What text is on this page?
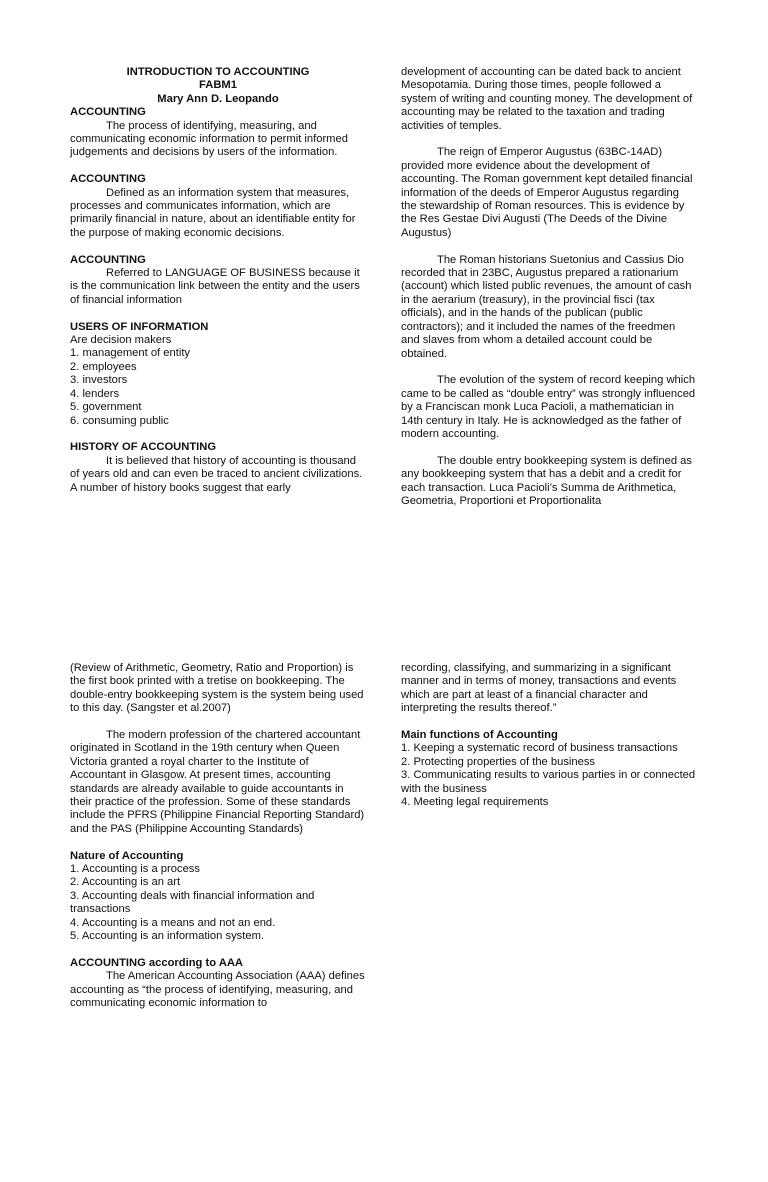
INTRODUCTION TO ACCOUNTING

FABM1

Mary Ann D. Leopando

ACCOUNTING

The process of identifying, measuring, and communicating economic information to permit informed judgements and decisions by users of the information.

ACCOUNTING

Defined as an information system that measures, processes and communicates information, which are primarily financial in nature, about an identifiable entity for the purpose of making economic decisions.

ACCOUNTING

Referred to LANGUAGE OF BUSINESS because it is the communication link between the entity and the users of financial information

USERS OF INFORMATION

Are decision makers

1. management of entity
2. employees
3. investors
4. lenders
5. government
6. consuming public

HISTORY OF ACCOUNTING

It is believed that history of accounting is thousand of years old and can even be traced to ancient civilizations. A number of history books suggest that early

development of accounting can be dated back to ancient Mesopotamia. During those times, people followed a system of writing and counting money. The development of accounting may be related to the taxation and trading activities of temples.

The reign of Emperor Augustus (63BC-14AD) provided more evidence about the development of accounting. The Roman government kept detailed financial information of the deeds of Emperor Augustus regarding the stewardship of Roman resources. This is evidence by the Res Gestae Divi Augusti (The Deeds of the Divine Augustus)

The Roman historians Suetonius and Cassius Dio recorded that in 23BC, Augustus prepared a rationarium (account) which listed public revenues, the amount of cash in the aerarium (treasury), in the provincial fisci (tax officials), and in the hands of the publican (public contractors); and it included the names of the freedmen and slaves from whom a detailed account could be obtained.

The evolution of the system of record keeping which came to be called as “double entry” was strongly influenced by a Franciscan monk Luca Pacioli, a mathematician in 14th century in Italy. He is acknowledged as the father of modern accounting.

The double entry bookkeeping system is defined as any bookkeeping system that has a debit and a credit for each transaction. Luca Pacioli’s Summa de Arithmetica, Geometria, Proportioni et Proportionalita

(Review of Arithmetic, Geometry, Ratio and Proportion) is the first book printed with a tretise on bookkeeping. The double-entry bookkeeping system is the system being used to this day. (Sangster et al.2007)

The modern profession of the chartered accountant originated in Scotland in the 19th century when Queen Victoria granted a royal charter to the Institute of Accountant in Glasgow. At present times, accounting standards are already available to guide accountants in their practice of the profession. Some of these standards include the PFRS (Philippine Financial Reporting Standard) and the PAS (Philippine Accounting Standards)

Nature of Accounting

1. Accounting is a process
2. Accounting is an art
3. Accounting deals with financial information and transactions
4. Accounting is a means and not an end.
5. Accounting is an information system.

ACCOUNTING according to AAA

The American Accounting Association (AAA) defines accounting as “the process of identifying, measuring, and communicating economic information to

recording, classifying, and summarizing in a significant manner and in terms of money, transactions and events which are part at least of a financial character and interpreting the results thereof.”

Main functions of Accounting

1. Keeping a systematic record of business transactions
2. Protecting properties of the business
3. Communicating results to various parties in or connected with the business
4. Meeting legal requirements
